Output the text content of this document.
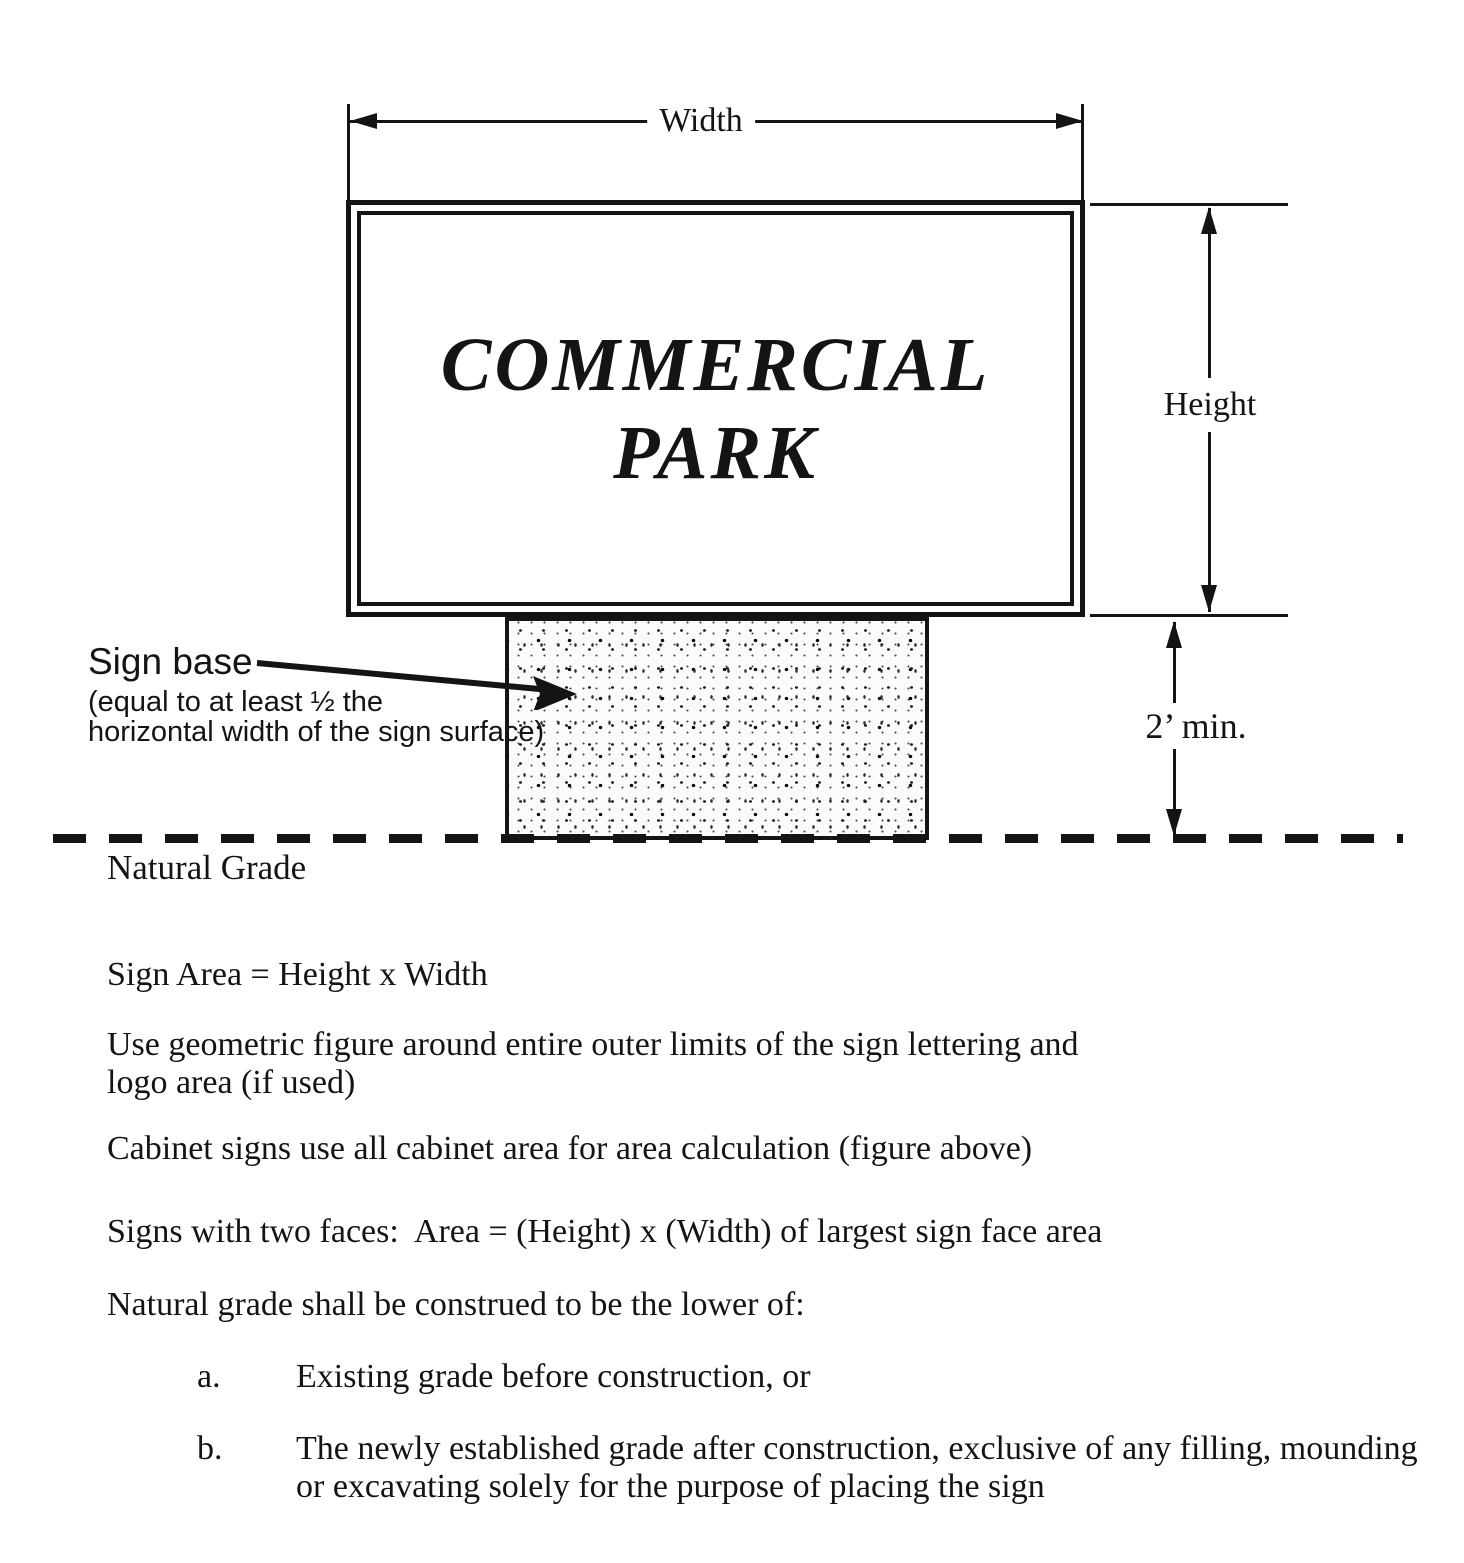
Width
COMMERCIAL
PARK
Height
Sign base
(equal to at least ½ the
horizontal width of the sign surface)	2’ min.
Natural Grade
Sign Area = Height x Width
Use geometric figure around entire outer limits of the sign lettering and
logo area (if used)
Cabinet signs use all cabinet area for area calculation (figure above)
Signs with two faces:  Area = (Height) x (Width) of largest sign face area
Natural grade shall be construed to be the lower of:
a. Existing grade before construction, or
b. The newly established grade after construction, exclusive of any filling, mounding
or excavating solely for the purpose of placing the sign
